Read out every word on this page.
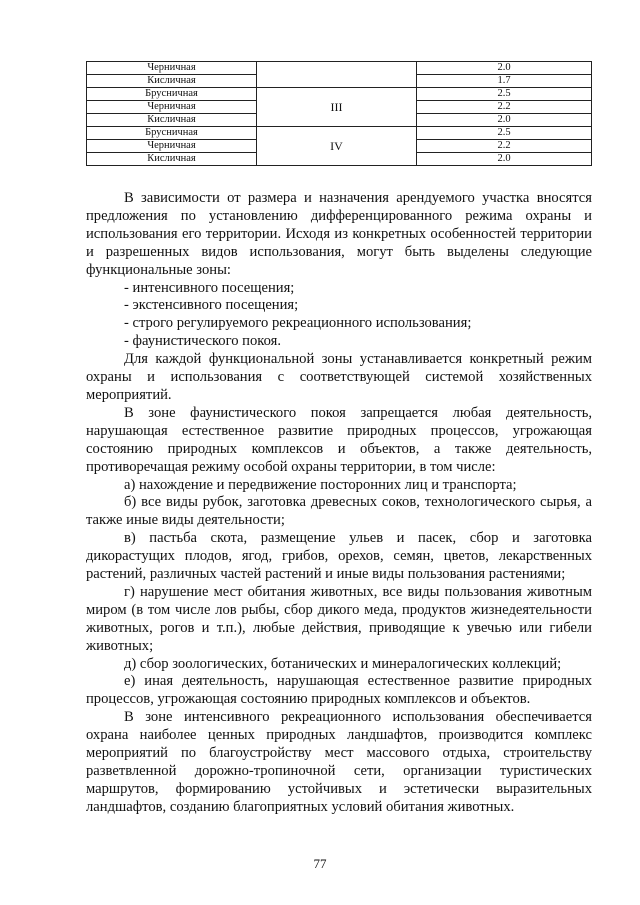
Черничная		2.0
Кисличная		1.7
Брусничная	III	2.5
Черничная		2.2
Кисличная		2.0
Брусничная	IV	2.5
Черничная		2.2
Кисличная		2.0

В зависимости от размера и назначения арендуемого участка вносятся предложения по установлению дифференцированного режима охраны и использования его территории. Исходя из конкретных особенностей территории и разрешенных видов использования, могут быть выделены следующие функциональные зоны:

- интенсивного посещения;

- экстенсивного посещения;

- строго регулируемого рекреационного использования;

- фаунистического покоя.

Для каждой функциональной зоны устанавливается конкретный режим охраны и использования с соответствующей системой хозяйственных мероприятий.

В зоне фаунистического покоя запрещается любая деятельность, нарушающая естественное развитие природных процессов, угрожающая состоянию природных комплексов и объектов, а также деятельность, противоречащая режиму особой охраны территории, в том числе:

а) нахождение и передвижение посторонних лиц и транспорта;

б) все виды рубок, заготовка древесных соков, технологического сырья, а также иные виды деятельности;

в) пастьба скота, размещение ульев и пасек, сбор и заготовка дикорастущих плодов, ягод, грибов, орехов, семян, цветов, лекарственных растений, различных частей растений и иные виды пользования растениями;

г) нарушение мест обитания животных, все виды пользования животным миром (в том числе лов рыбы, сбор дикого меда, продуктов жизнедеятельности животных, рогов и т.п.), любые действия, приводящие к увечью или гибели животных;

д) сбор зоологических, ботанических и минералогических коллекций;

е) иная деятельность, нарушающая естественное развитие природных процессов, угрожающая состоянию природных комплексов и объектов.

В зоне интенсивного рекреационного использования обеспечивается охрана наиболее ценных природных ландшафтов, производится комплекс мероприятий по благоустройству мест массового отдыха, строительству разветвленной дорожно-тропиночной сети, организации туристических маршрутов, формированию устойчивых и эстетически выразительных ландшафтов, созданию благоприятных условий обитания животных.

77
